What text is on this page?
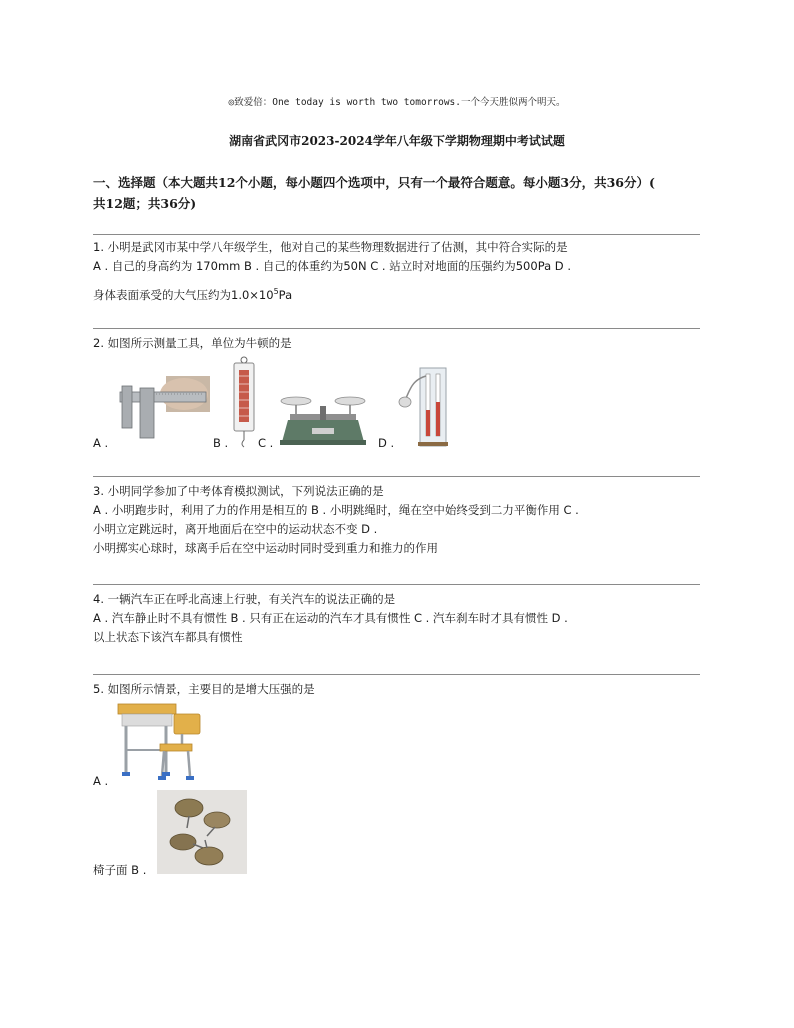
◎致爱倍：One today is worth two tomorrows.一个今天胜似两个明天。
湖南省武冈市2023-2024学年八年级下学期物理期中考试试题
一、选择题（本大题共12个小题，每小题四个选项中，只有一个最符合题意。每小题3分，共36分）(
共12题；共36分)
1. 小明是武冈市某中学八年级学生，他对自己的某些物理数据进行了估测，其中符合实际的是
A . 自己的身高约为 170mm B . 自己的体重约为50N C . 站立时对地面的压强约为500Pa D .
身体表面承受的大气压约为$1.0\times 10^5Pa$
2. 如图所示测量工具，单位为牛顿的是
A .	B .	C .	D .
3. 小明同学参加了中考体育模拟测试，下列说法正确的是
A . 小明跑步时，利用了力的作用是相互的 B . 小明跳绳时，绳在空中始终受到二力平衡作用 C .
小明立定跳远时，离开地面后在空中的运动状态不变 D .
小明掷实心球时，球离手后在空中运动时同时受到重力和推力的作用
4. 一辆汽车正在呼北高速上行驶，有关汽车的说法正确的是
A . 汽车静止时不具有惯性 B . 只有正在运动的汽车才具有惯性 C . 汽车刹车时才具有惯性 D .
以上状态下该汽车都具有惯性
5. 如图所示情景，主要目的是增大压强的是
A .
椅子面 B .
